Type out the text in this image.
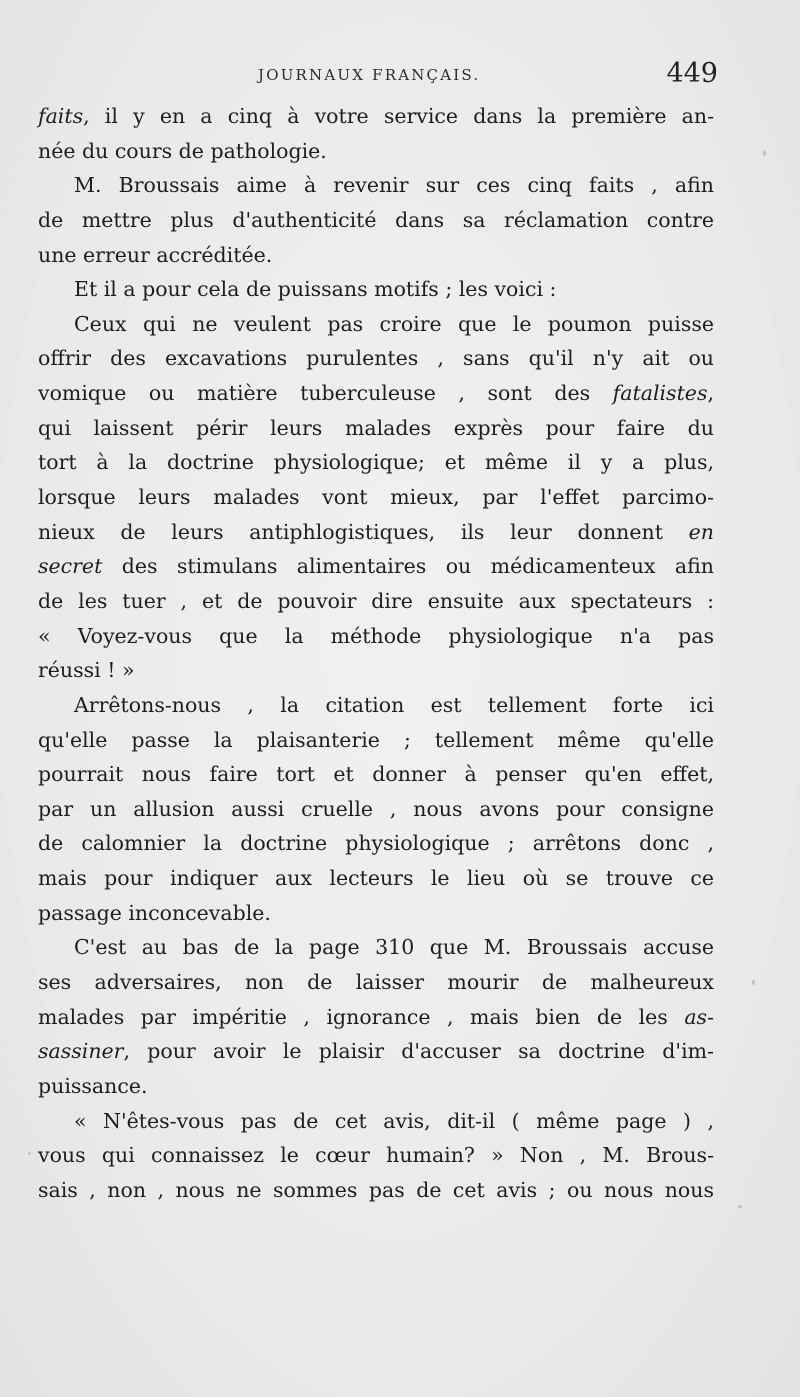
JOURNAUX FRANÇAIS.	449
faits, il y en a cinq à votre service dans la première an-
née du cours de pathologie.
M. Broussais aime à revenir sur ces cinq faits , afin
de mettre plus d'authenticité dans sa réclamation contre
une erreur accréditée.
Et il a pour cela de puissans motifs ; les voici :
Ceux qui ne veulent pas croire que le poumon puisse
offrir des excavations purulentes , sans qu'il n'y ait ou
vomique ou matière tuberculeuse , sont des fatalistes,
qui laissent périr leurs malades exprès pour faire du
tort à la doctrine physiologique; et même il y a plus,
lorsque leurs malades vont mieux, par l'effet parcimo-
nieux de leurs antiphlogistiques, ils leur donnent en
secret des stimulans alimentaires ou médicamenteux afin
de les tuer , et de pouvoir dire ensuite aux spectateurs :
« Voyez-vous que la méthode physiologique n'a pas
réussi ! »
Arrêtons-nous , la citation est tellement forte ici
qu'elle passe la plaisanterie ; tellement même qu'elle
pourrait nous faire tort et donner à penser qu'en effet,
par un allusion aussi cruelle , nous avons pour consigne
de calomnier la doctrine physiologique ; arrêtons donc ,
mais pour indiquer aux lecteurs le lieu où se trouve ce
passage inconcevable.
C'est au bas de la page 310 que M. Broussais accuse
ses adversaires, non de laisser mourir de malheureux
malades par impéritie , ignorance , mais bien de les as-
sassiner, pour avoir le plaisir d'accuser sa doctrine d'im-
puissance.
« N'êtes-vous pas de cet avis, dit-il ( même page ) ,
vous qui connaissez le cœur humain? » Non , M. Brous-
sais , non , nous ne sommes pas de cet avis ; ou nous nous
